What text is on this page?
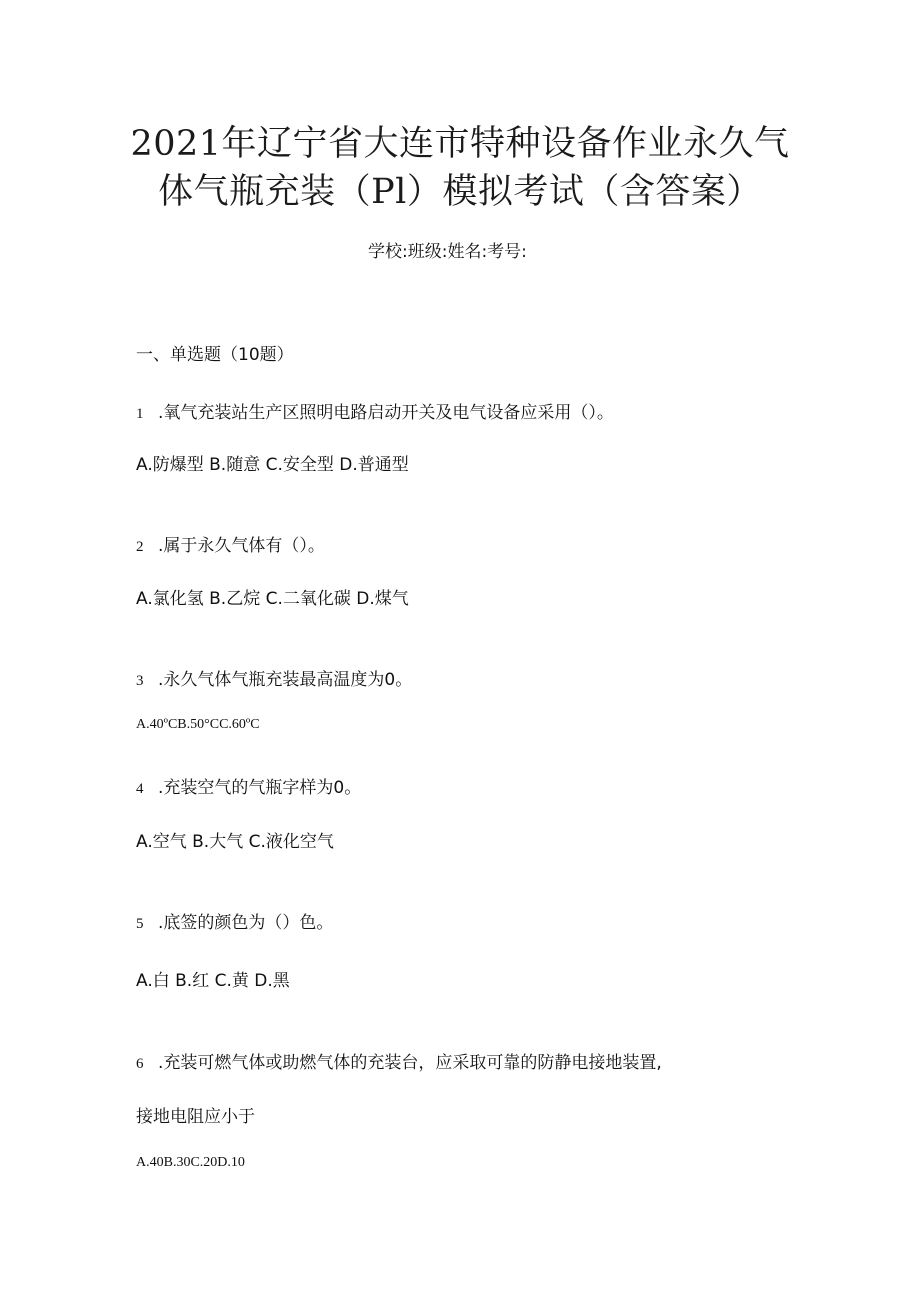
2021年辽宁省大连市特种设备作业永久气
体气瓶充装（Pl）模拟考试（含答案）
学校:班级:姓名:考号:
一、单选题（10题）
1 .氧气充装站生产区照明电路启动开关及电气设备应采用（）。
A.防爆型 B.随意 C.安全型 D.普通型
2 .属于永久气体有（）。
A.氯化氢 B.乙烷 C.二氧化碳 D.煤气
3 .永久气体气瓶充装最高温度为0。
A.40ºCB.50°CC.60ºC
4 .充装空气的气瓶字样为0。
A.空气 B.大气 C.液化空气
5 .底签的颜色为（）色。
A.白 B.红 C.黄 D.黑
6 .充装可燃气体或助燃气体的充装台，应采取可靠的防静电接地装置,
接地电阻应小于
A.40B.30C.20D.10
